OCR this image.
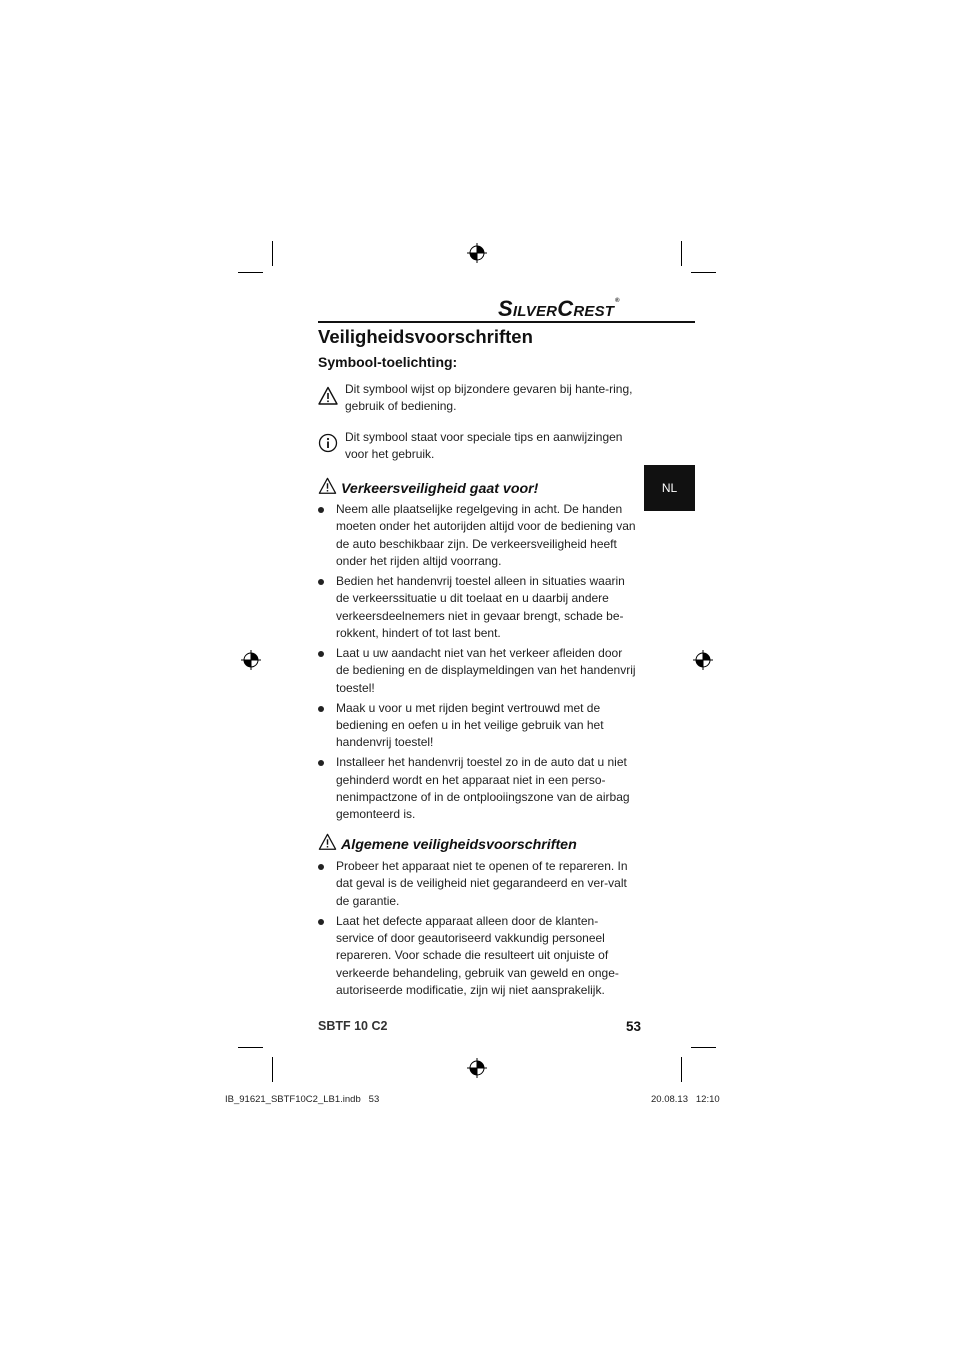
SILVERCREST®
Veiligheidsvoorschriften
Symbool-toelichting:
Dit symbool wijst op bijzondere gevaren bij hante-ring, gebruik of bediening.
Dit symbool staat voor speciale tips en aanwijzingen voor het gebruik.
Verkeersveiligheid gaat voor!
Neem alle plaatselijke regelgeving in acht. De handen moeten onder het autorijden altijd voor de bediening van de auto beschikbaar zijn. De verkeersveiligheid heeft onder het rijden altijd voorrang.
Bedien het handenvrij toestel alleen in situaties waarin de verkeerssituatie u dit toelaat en u daarbij andere verkeersdeelnemers niet in gevaar brengt, schade be-rokkent, hindert of tot last bent.
Laat u uw aandacht niet van het verkeer afleiden door de bediening en de displaymeldingen van het handenvrij toestel!
Maak u voor u met rijden begint vertrouwd met de bediening en oefen u in het veilige gebruik van het handenvrij toestel!
Installeer het handenvrij toestel zo in de auto dat u niet gehinderd wordt en het apparaat niet in een perso-nenimpactzone of in de ontplooiingszone van de airbag gemonteerd is.
Algemene veiligheidsvoorschriften
Probeer het apparaat niet te openen of te repareren. In dat geval is de veiligheid niet gegarandeerd en ver-valt de garantie.
Laat het defecte apparaat alleen door de klanten-service of door geautoriseerd vakkundig personeel repareren. Voor schade die resulteert uit onjuiste of verkeerde behandeling, gebruik van geweld en onge-autoriseerde modificatie, zijn wij niet aansprakelijk.
NL
SBTF 10 C2	53
IB_91621_SBTF10C2_LB1.indb   53	20.08.13   12:10
